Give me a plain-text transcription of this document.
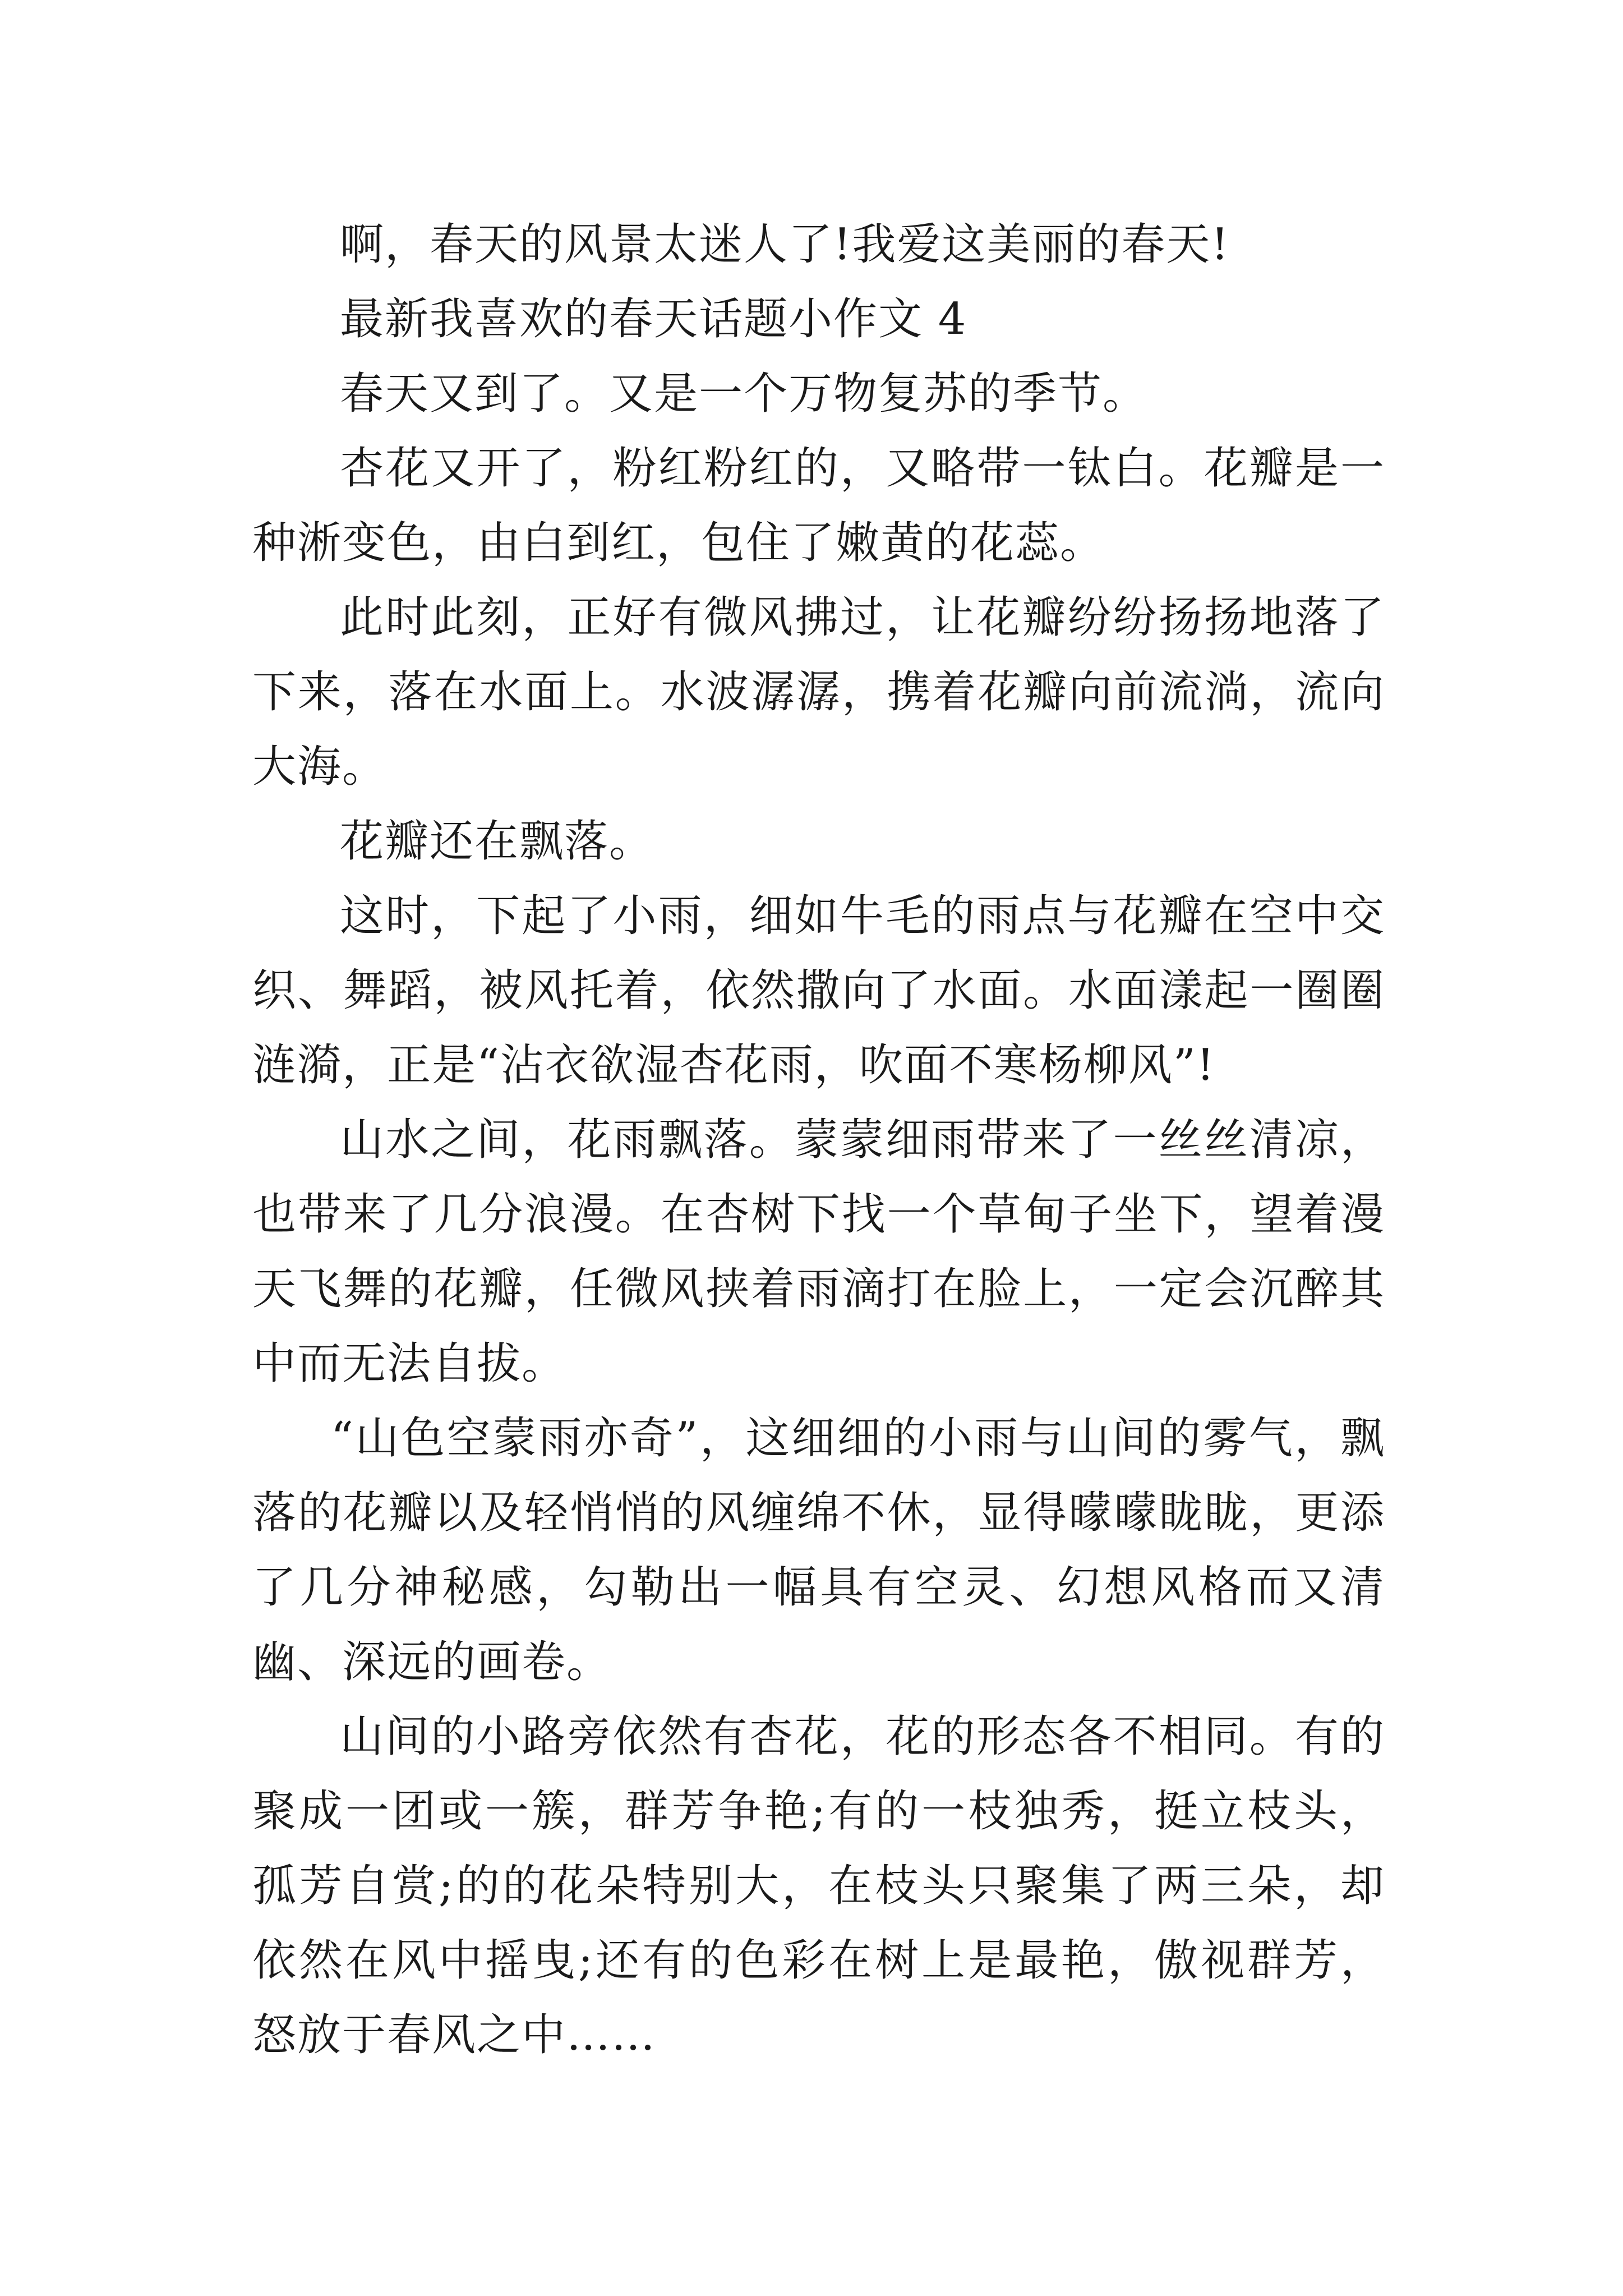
啊，春天的风景太迷人了!我爱这美丽的春天!

最新我喜欢的春天话题小作文 4

春天又到了。又是一个万物复苏的季节。

杏花又开了，粉红粉红的，又略带一钛白。花瓣是一种淅变色，由白到红，包住了嫩黄的花蕊。

此时此刻，正好有微风拂过，让花瓣纷纷扬扬地落了下来，落在水面上。水波潺潺，携着花瓣向前流淌，流向大海。

花瓣还在飘落。

这时，下起了小雨，细如牛毛的雨点与花瓣在空中交织、舞蹈，被风托着，依然撒向了水面。水面漾起一圈圈涟漪，正是“沾衣欲湿杏花雨，吹面不寒杨柳风”!

山水之间，花雨飘落。蒙蒙细雨带来了一丝丝清凉，也带来了几分浪漫。在杏树下找一个草甸子坐下，望着漫天飞舞的花瓣，任微风挟着雨滴打在脸上，一定会沉醉其中而无法自拔。

“山色空蒙雨亦奇”，这细细的小雨与山间的雾气，飘落的花瓣以及轻悄悄的风缠绵不休，显得曚曚眬眬，更添了几分神秘感，勾勒出一幅具有空灵、幻想风格而又清幽、深远的画卷。

山间的小路旁依然有杏花，花的形态各不相同。有的聚成一团或一簇，群芳争艳;有的一枝独秀，挺立枝头，孤芳自赏;的的花朵特别大，在枝头只聚集了两三朵，却依然在风中摇曳;还有的色彩在树上是最艳，傲视群芳，怒放于春风之中……
